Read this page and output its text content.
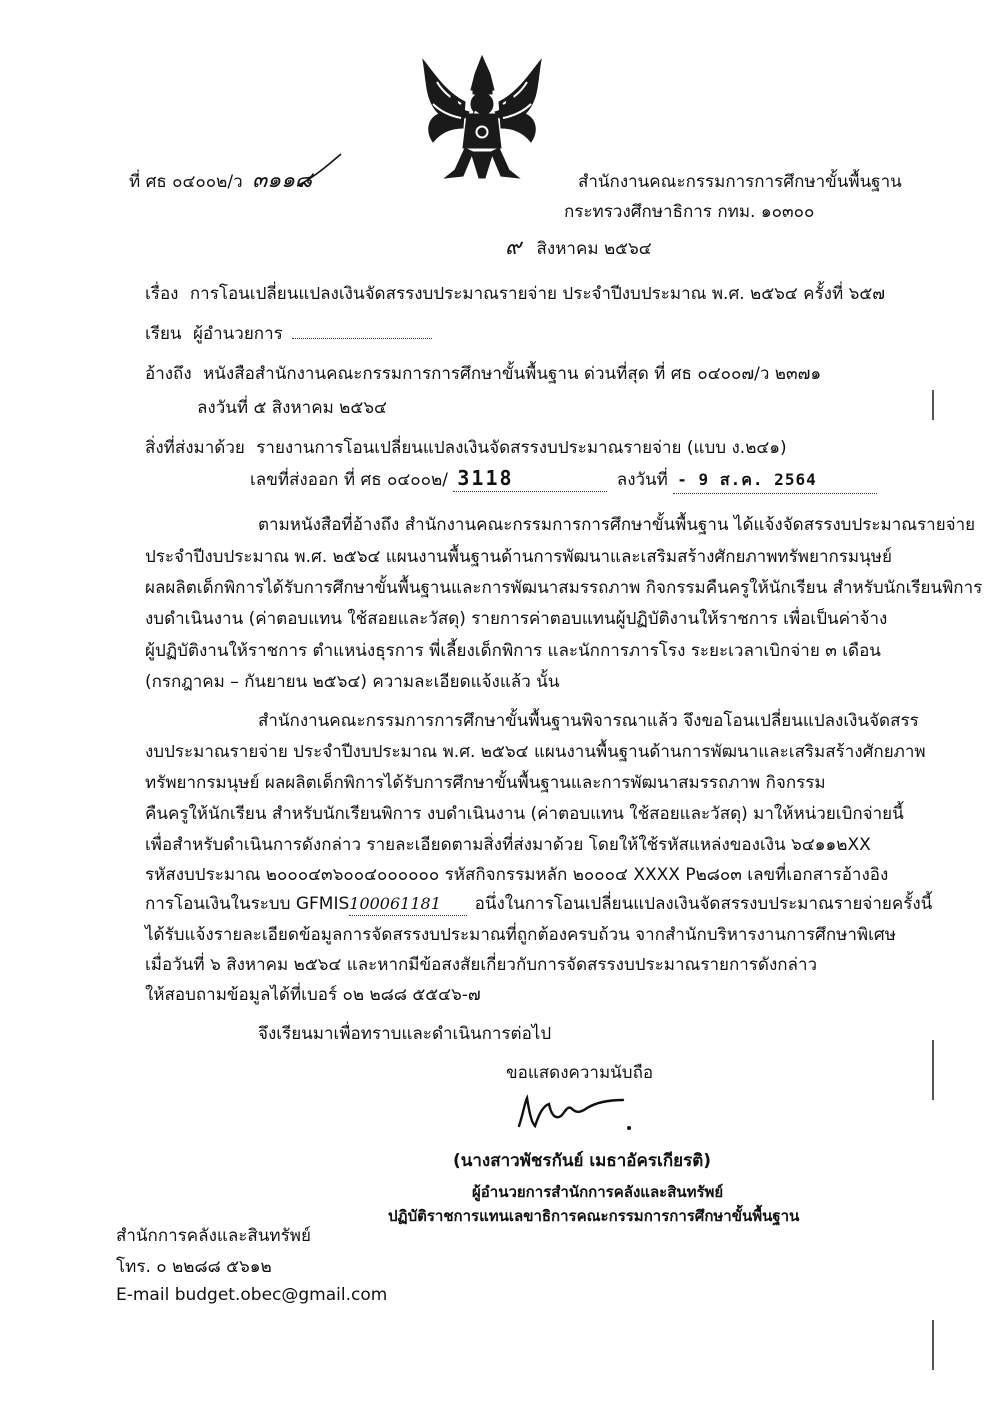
ที่ ศธ ๐๔๐๐๒/ว ๓๑๑๘	สำนักงานคณะกรรมการการศึกษาขั้นพื้นฐาน
กระทรวงศึกษาธิการ กทม. ๑๐๓๐๐
๙ สิงหาคม ๒๕๖๔
เรื่อง การโอนเปลี่ยนแปลงเงินจัดสรรงบประมาณรายจ่าย ประจำปีงบประมาณ พ.ศ. ๒๕๖๔ ครั้งที่ ๖๕๗
เรียน ผู้อำนวยการ
อ้างถึง หนังสือสำนักงานคณะกรรมการการศึกษาขั้นพื้นฐาน ด่วนที่สุด ที่ ศธ ๐๔๐๐๗/ว ๒๓๗๑
ลงวันที่ ๕ สิงหาคม ๒๕๖๔
สิ่งที่ส่งมาด้วย รายงานการโอนเปลี่ยนแปลงเงินจัดสรรงบประมาณรายจ่าย (แบบ ง.๒๔๑)
เลขที่ส่งออก ที่ ศธ ๐๔๐๐๒/ 3118	ลงวันที่ - 9 ส.ค. 2564
ตามหนังสือที่อ้างถึง สำนักงานคณะกรรมการการศึกษาขั้นพื้นฐาน ได้แจ้งจัดสรรงบประมาณรายจ่าย
ประจำปีงบประมาณ พ.ศ. ๒๕๖๔ แผนงานพื้นฐานด้านการพัฒนาและเสริมสร้างศักยภาพทรัพยากรมนุษย์
ผลผลิตเด็กพิการได้รับการศึกษาขั้นพื้นฐานและการพัฒนาสมรรถภาพ กิจกรรมคืนครูให้นักเรียน สำหรับนักเรียนพิการ
งบดำเนินงาน (ค่าตอบแทน ใช้สอยและวัสดุ) รายการค่าตอบแทนผู้ปฏิบัติงานให้ราชการ เพื่อเป็นค่าจ้าง
ผู้ปฏิบัติงานให้ราชการ ตำแหน่งธุรการ พี่เลี้ยงเด็กพิการ และนักการภารโรง ระยะเวลาเบิกจ่าย ๓ เดือน
(กรกฎาคม – กันยายน ๒๕๖๔) ความละเอียดแจ้งแล้ว นั้น
สำนักงานคณะกรรมการการศึกษาขั้นพื้นฐานพิจารณาแล้ว จึงขอโอนเปลี่ยนแปลงเงินจัดสรร
งบประมาณรายจ่าย ประจำปีงบประมาณ พ.ศ. ๒๕๖๔ แผนงานพื้นฐานด้านการพัฒนาและเสริมสร้างศักยภาพ
ทรัพยากรมนุษย์ ผลผลิตเด็กพิการได้รับการศึกษาขั้นพื้นฐานและการพัฒนาสมรรถภาพ กิจกรรม
คืนครูให้นักเรียน สำหรับนักเรียนพิการ งบดำเนินงาน (ค่าตอบแทน ใช้สอยและวัสดุ) มาให้หน่วยเบิกจ่ายนี้
เพื่อสำหรับดำเนินการดังกล่าว รายละเอียดตามสิ่งที่ส่งมาด้วย โดยให้ใช้รหัสแหล่งของเงิน ๖๔๑๑๒XX
รหัสงบประมาณ ๒๐๐๐๔๓๖๐๐๔๐๐๐๐๐๐ รหัสกิจกรรมหลัก ๒๐๐๐๔ XXXX P๒๘๐๓ เลขที่เอกสารอ้างอิง
การโอนเงินในระบบ GFMIS100061181 อนึ่งในการโอนเปลี่ยนแปลงเงินจัดสรรงบประมาณรายจ่ายครั้งนี้
ได้รับแจ้งรายละเอียดข้อมูลการจัดสรรงบประมาณที่ถูกต้องครบถ้วน จากสำนักบริหารงานการศึกษาพิเศษ
เมื่อวันที่ ๖ สิงหาคม ๒๕๖๔ และหากมีข้อสงสัยเกี่ยวกับการจัดสรรงบประมาณรายการดังกล่าว
ให้สอบถามข้อมูลได้ที่เบอร์ ๐๒ ๒๘๘ ๕๕๔๖-๗
จึงเรียนมาเพื่อทราบและดำเนินการต่อไป
ขอแสดงความนับถือ
(นางสาวพัชรกันย์ เมธาอัครเกียรติ)
ผู้อำนวยการสำนักการคลังและสินทรัพย์
ปฏิบัติราชการแทนเลขาธิการคณะกรรมการการศึกษาขั้นพื้นฐาน
สำนักการคลังและสินทรัพย์
โทร. ๐ ๒๒๘๘ ๕๖๑๒
E-mail budget.obec@gmail.com
